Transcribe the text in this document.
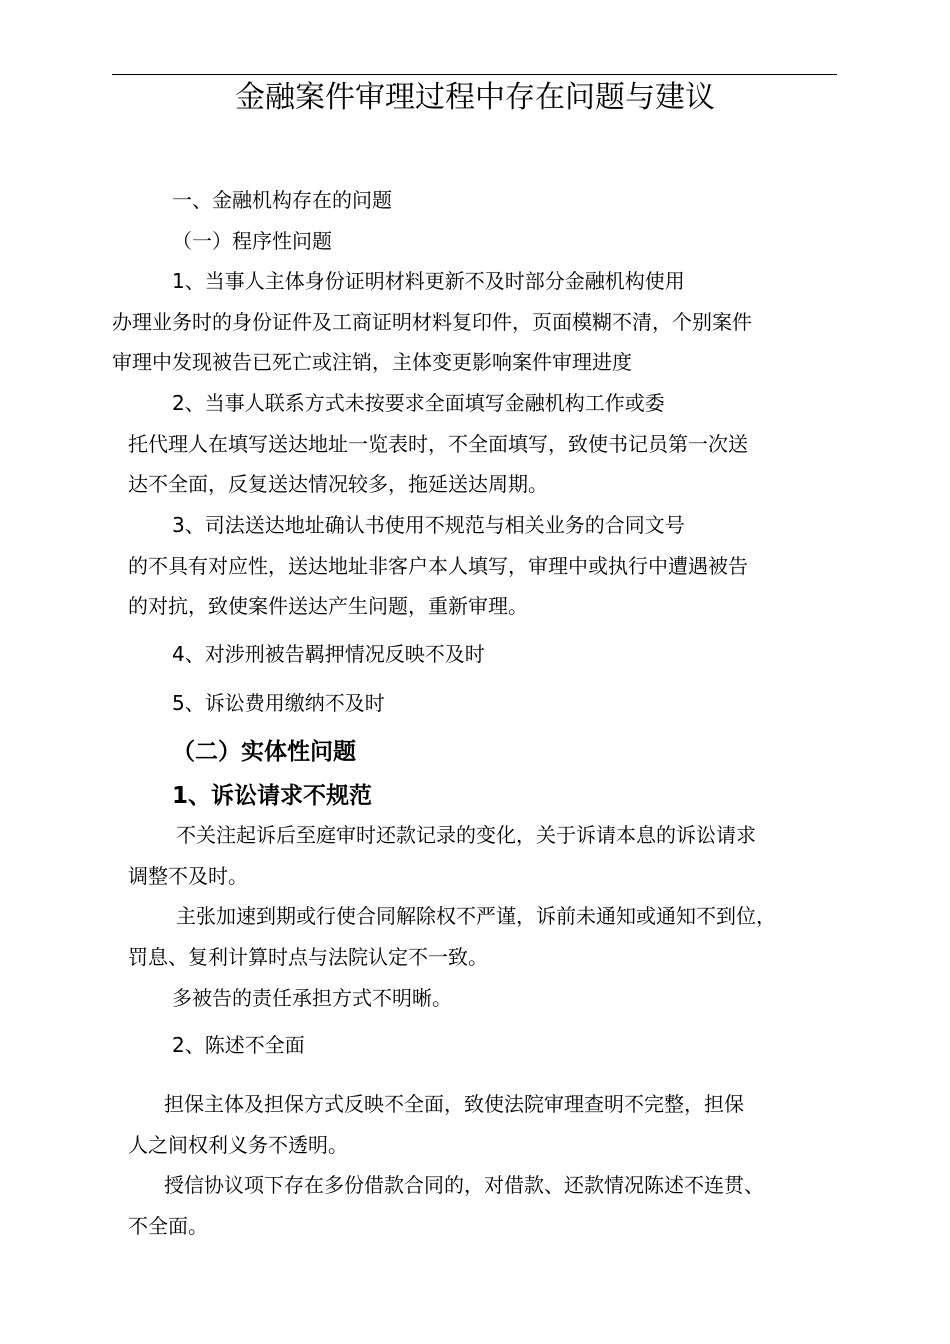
金融案件审理过程中存在问题与建议
一、金融机构存在的问题
（一）程序性问题
1、当事人主体身份证明材料更新不及时部分金融机构使用
办理业务时的身份证件及工商证明材料复印件，页面模糊不清，个别案件
审理中发现被告已死亡或注销，主体变更影响案件审理进度
2、当事人联系方式未按要求全面填写金融机构工作或委
托代理人在填写送达地址一览表时，不全面填写，致使书记员第一次送
达不全面，反复送达情况较多，拖延送达周期。
3、司法送达地址确认书使用不规范与相关业务的合同文号
的不具有对应性，送达地址非客户本人填写，审理中或执行中遭遇被告
的对抗，致使案件送达产生问题，重新审理。
4、对涉刑被告羁押情况反映不及时
5、诉讼费用缴纳不及时
（二）实体性问题
1、诉讼请求不规范
不关注起诉后至庭审时还款记录的变化，关于诉请本息的诉讼请求
调整不及时。
主张加速到期或行使合同解除权不严谨，诉前未通知或通知不到位，
罚息、复利计算时点与法院认定不一致。
多被告的责任承担方式不明晰。
2、陈述不全面
担保主体及担保方式反映不全面，致使法院审理查明不完整，担保
人之间权利义务不透明。
授信协议项下存在多份借款合同的，对借款、还款情况陈述不连贯、
不全面。
